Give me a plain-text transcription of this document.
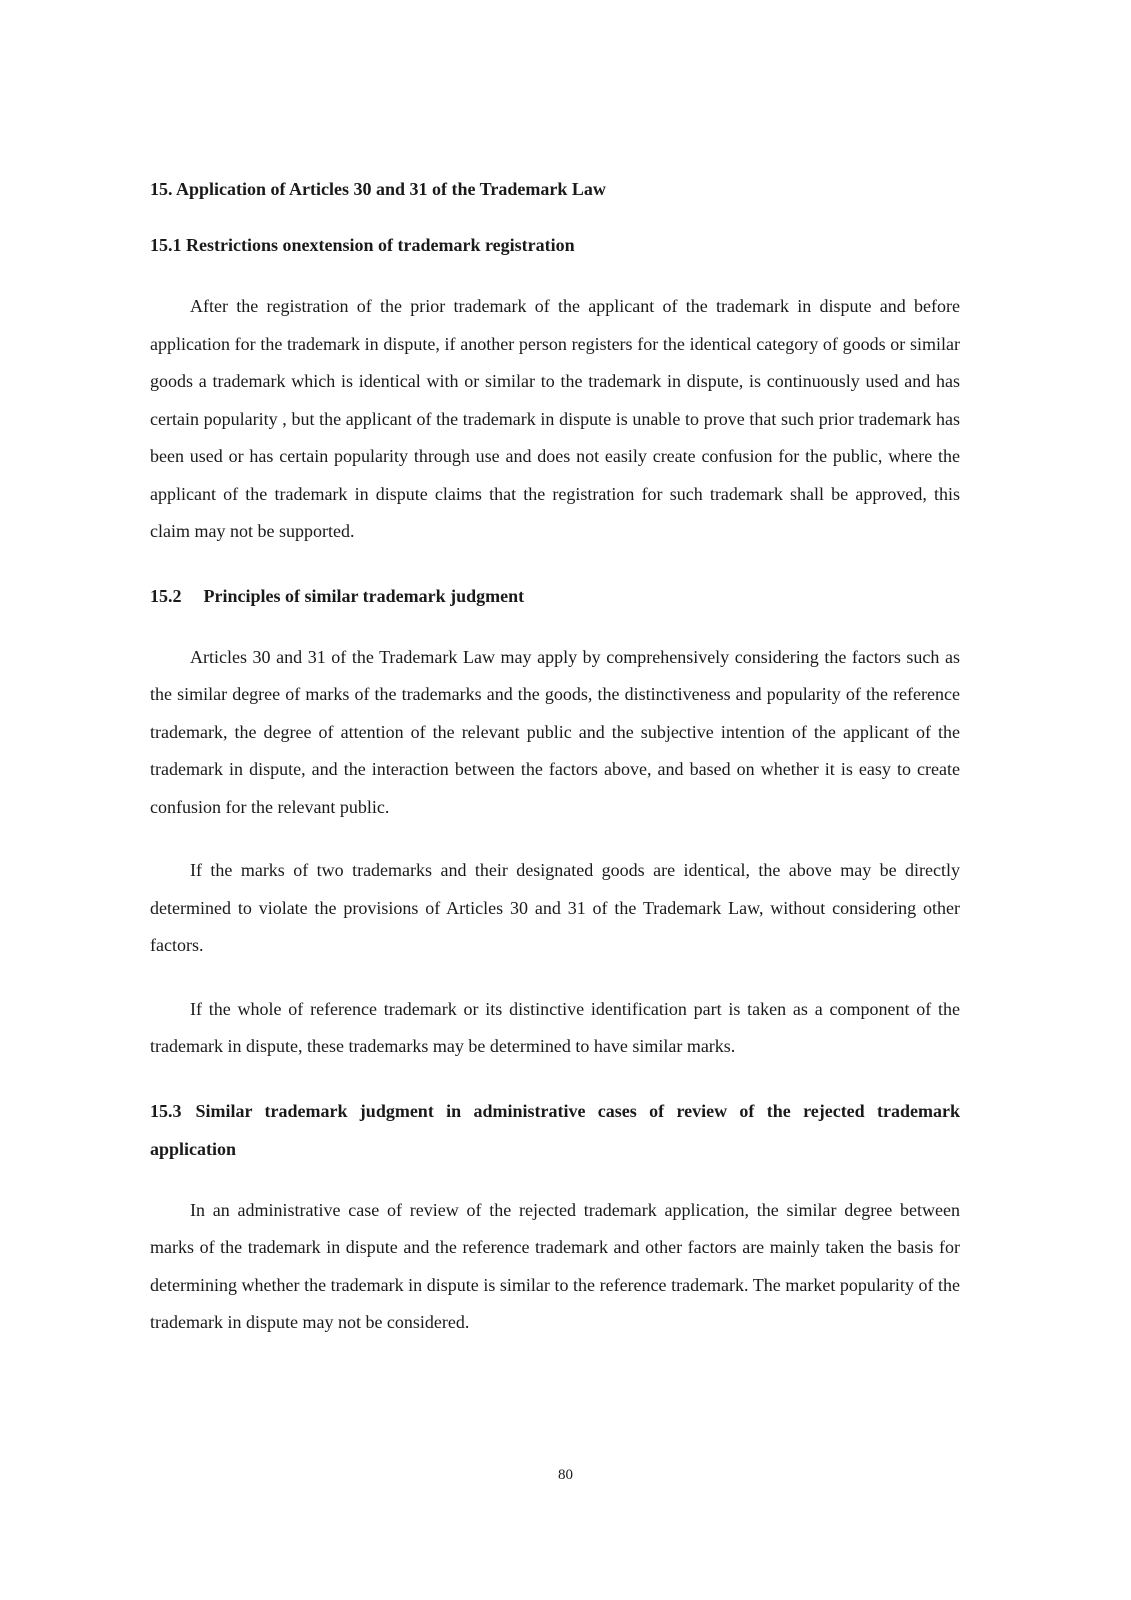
15. Application of Articles 30 and 31 of the Trademark Law
15.1 Restrictions onextension of trademark registration

After the registration of the prior trademark of the applicant of the trademark in dispute and before application for the trademark in dispute, if another person registers for the identical category of goods or similar goods a trademark which is identical with or similar to the trademark in dispute, is continuously used and has certain popularity , but the applicant of the trademark in dispute is unable to prove that such prior trademark has been used or has certain popularity through use and does not easily create confusion for the public, where the applicant of the trademark in dispute claims that the registration for such trademark shall be approved, this claim may not be supported.

15.2 Principles of similar trademark judgment

Articles 30 and 31 of the Trademark Law may apply by comprehensively considering the factors such as the similar degree of marks of the trademarks and the goods, the distinctiveness and popularity of the reference trademark, the degree of attention of the relevant public and the subjective intention of the applicant of the trademark in dispute, and the interaction between the factors above, and based on whether it is easy to create confusion for the relevant public.

If the marks of two trademarks and their designated goods are identical, the above may be directly determined to violate the provisions of Articles 30 and 31 of the Trademark Law, without considering other factors.

If the whole of reference trademark or its distinctive identification part is taken as a component of the trademark in dispute, these trademarks may be determined to have similar marks.

15.3 Similar trademark judgment in administrative cases of review of the rejected trademark application

In an administrative case of review of the rejected trademark application, the similar degree between marks of the trademark in dispute and the reference trademark and other factors are mainly taken the basis for determining whether the trademark in dispute is similar to the reference trademark. The market popularity of the trademark in dispute may not be considered.

80
